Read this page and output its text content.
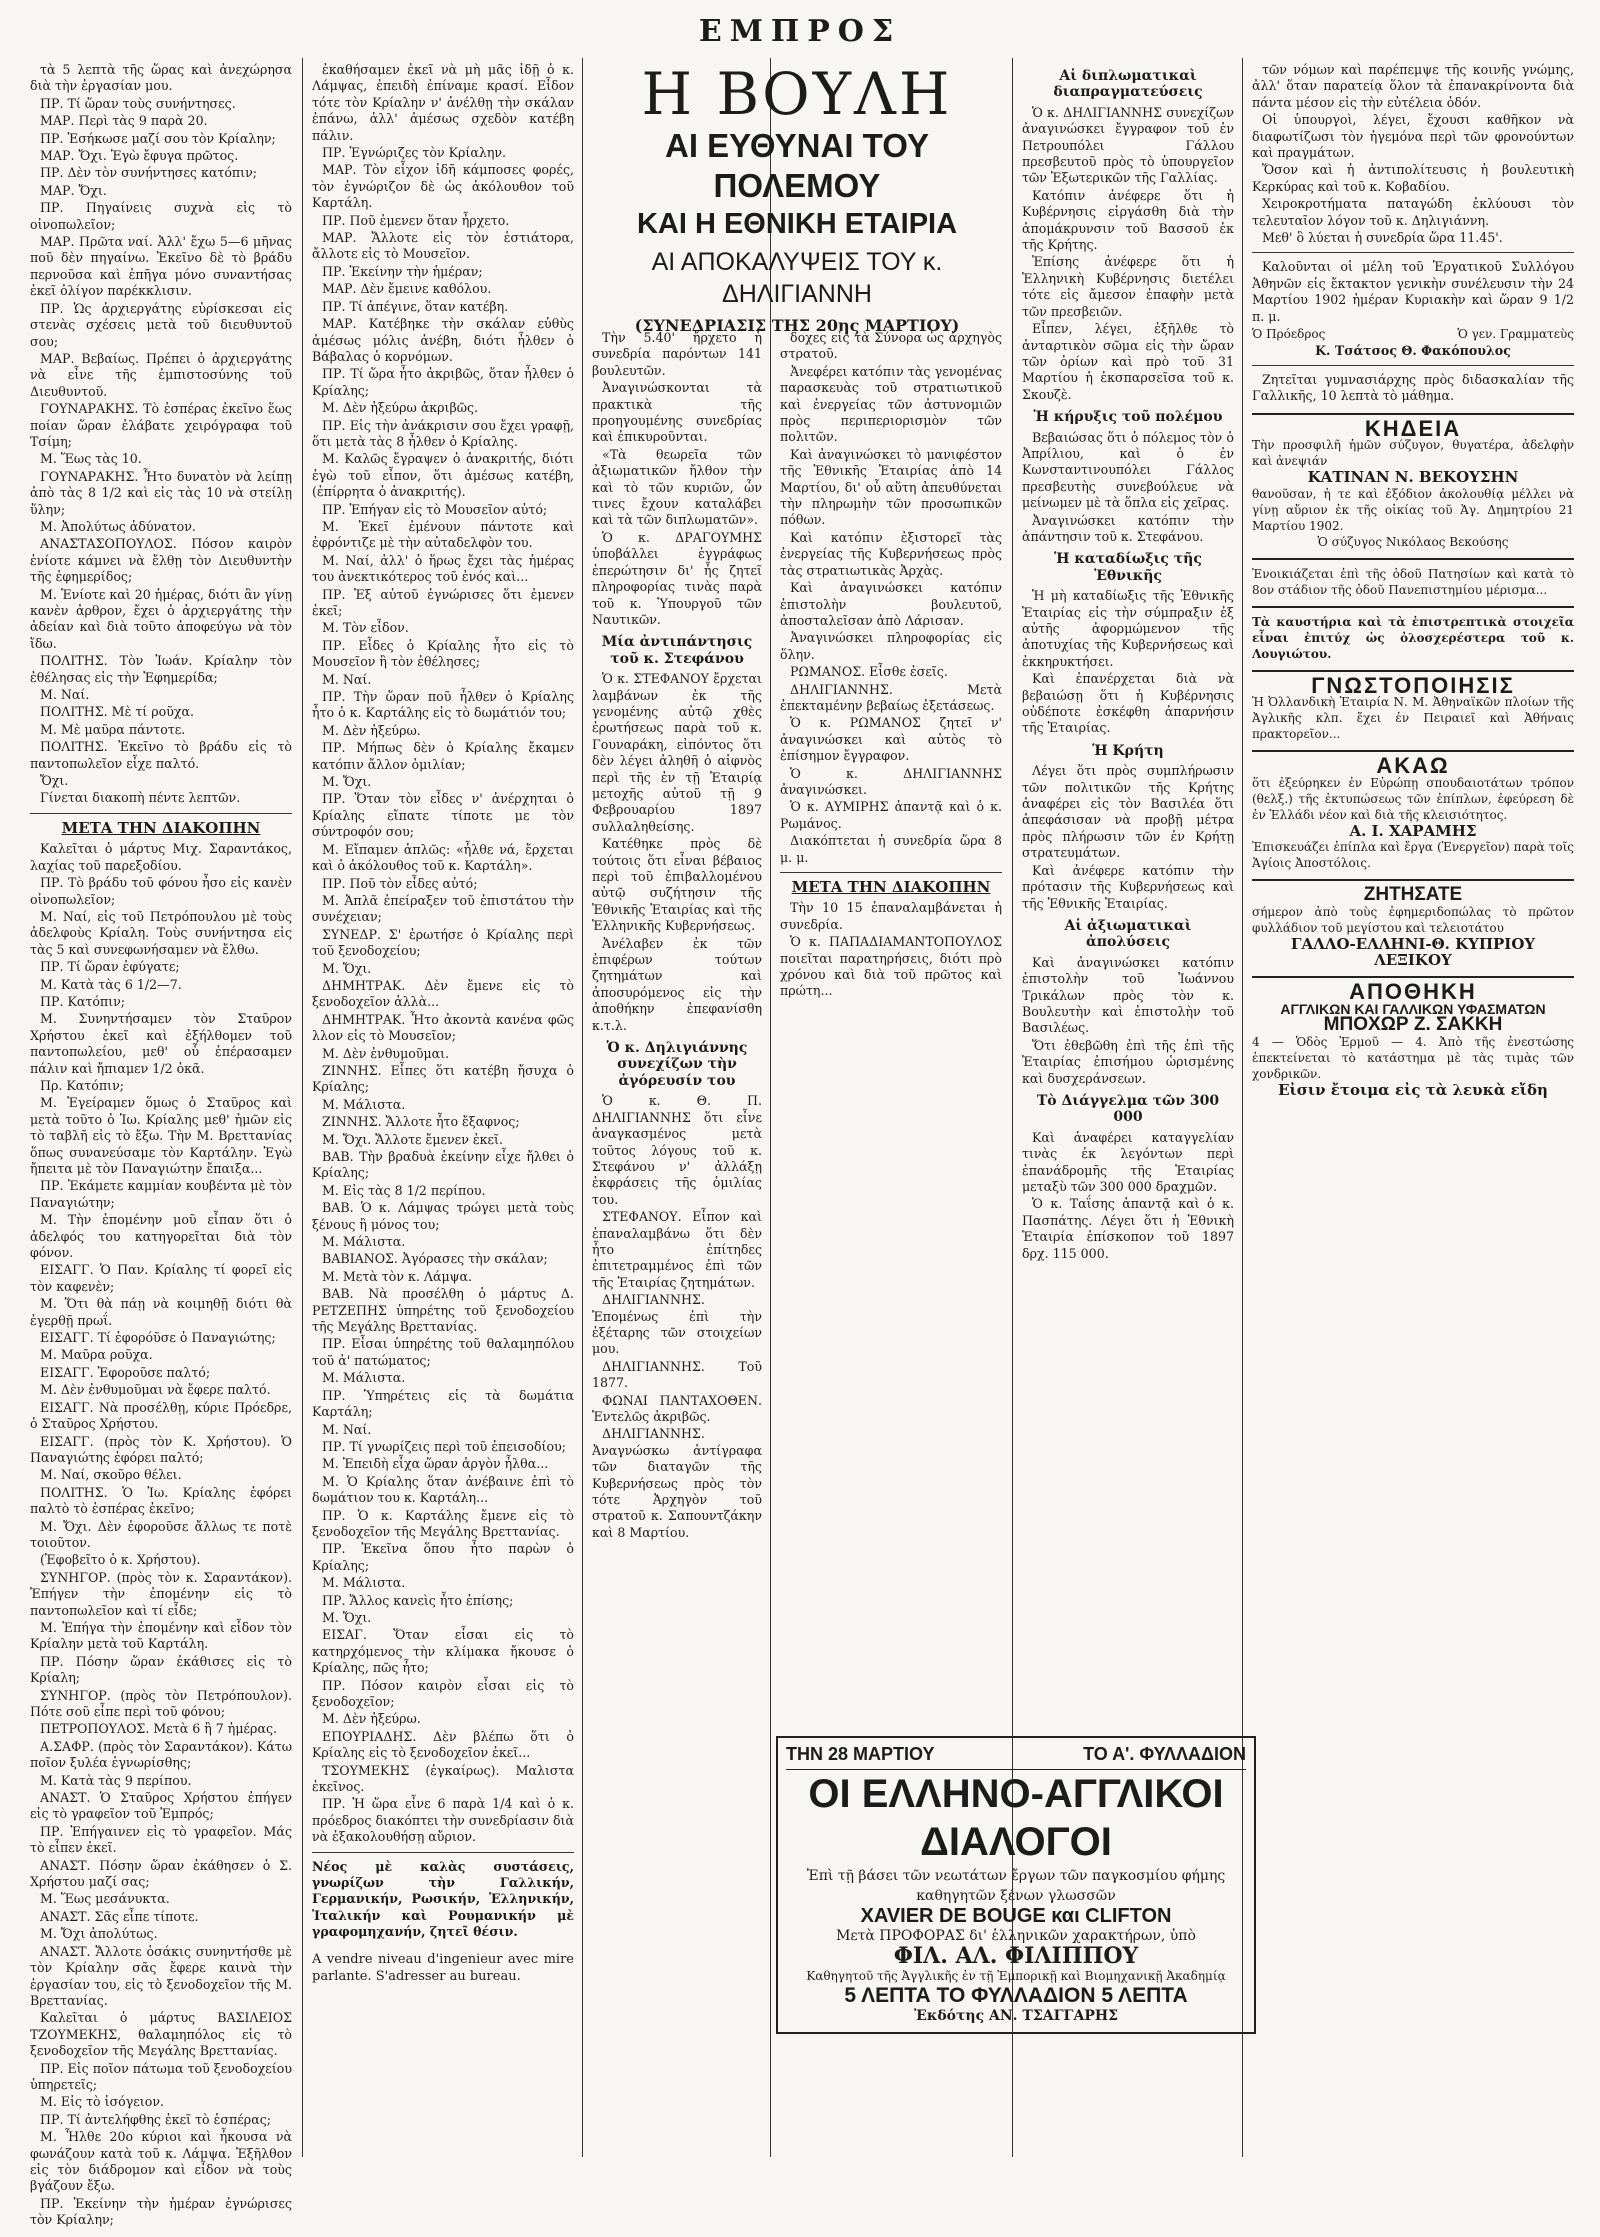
ΕΜΠΡΟΣ

τὰ 5 λεπτὰ τῆς ὥρας καὶ ἀνεχώρησα διὰ τὴν ἐργασίαν μου.

ΠΡ. Τί ὥραν τοὺς συνήντησες.

ΜΑΡ. Περὶ τὰς 9 παρὰ 20.

ΠΡ. Ἐσήκωσε μαζί σου τὸν Κρίαλην;

ΜΑΡ. Ὄχι. Ἐγὼ ἔφυγα πρῶτος.

ΠΡ. Δὲν τὸν συνήντησες κατόπιν;

ΜΑΡ. Ὄχι.

ΠΡ. Πηγαίνεις συχνὰ εἰς τὸ οἰνοπωλεῖον;

ΜΑΡ. Πρῶτα ναί. Ἀλλ' ἔχω 5—6 μῆνας ποῦ δὲν πηγαίνω. Ἐκεῖνο δὲ τὸ βράδυ περνοῦσα καὶ ἐπῆγα μόνο συναντήσας ἐκεῖ ὀλίγον παρέκκλισιν.

ΠΡ. Ὡς ἀρχιεργάτης εὑρίσκεσαι εἰς στενὰς σχέσεις μετὰ τοῦ διευθυντοῦ σου;

ΜΑΡ. Βεβαίως. Πρέπει ὁ ἀρχιεργάτης νὰ εἶνε τῆς ἐμπιστοσύνης τοῦ Διευθυντοῦ.

ΓΟΥΝΑΡΑΚΗΣ. Τὸ ἑσπέρας ἐκεῖνο ἕως ποίαν ὥραν ἐλάβατε χειρόγραφα τοῦ Τσίμη;

Μ. Ἕως τὰς 10.

ΓΟΥΝΑΡΑΚΗΣ. Ἦτο δυνατὸν νὰ λείπῃ ἀπὸ τὰς 8 1/2 καὶ εἰς τὰς 10 νὰ στείλῃ ὕλην;

Μ. Ἀπολύτως ἀδύνατον.

ΑΝΑΣΤΑΣΟΠΟΥΛΟΣ. Πόσον καιρὸν ἐνίοτε κάμνει νὰ ἔλθῃ τὸν Διευθυντὴν τῆς ἐφημερίδος;

Μ. Ἐνίοτε καὶ 20 ἡμέρας, διότι ἂν γίνῃ κανὲν ἀρθρον, ἔχει ὁ ἀρχιεργάτης τὴν ἀδείαν καὶ διὰ τοῦτο ἀποφεύγω νὰ τὸν ἴδω.

ΠΟΛΙΤΗΣ. Τὸν Ἰωάν. Κρίαλην τὸν ἐθέλησας εἰς τὴν Ἐφημερίδα;

Μ. Ναί.

ΠΟΛΙΤΗΣ. Μὲ τί ροῦχα.

Μ. Μὲ μαῦρα πάντοτε.

ΠΟΛΙΤΗΣ. Ἐκεῖνο τὸ βράδυ εἰς τὸ παντοπωλεῖον εἶχε παλτό.

Ὄχι.

Γίνεται διακοπὴ πέντε λεπτῶν.

ΜΕΤΑ ΤΗΝ ΔΙΑΚΟΠΗΝ

Καλεῖται ὁ μάρτυς Μιχ. Σαραντάκος, λαχίας τοῦ παρεξοδίου.

ΠΡ. Τὸ βράδυ τοῦ φόνου ἦσο εἰς κανὲν οἰνοπωλεῖον;

Μ. Ναί, εἰς τοῦ Πετρόπουλου μὲ τοὺς ἀδελφοὺς Κρίαλη. Τοὺς συνήντησα εἰς τὰς 5 καὶ συνεφωνήσαμεν νὰ ἔλθω.

ΠΡ. Τί ὥραν ἐφύγατε;

Μ. Κατὰ τὰς 6 1/2—7.

ΠΡ. Κατόπιν;

Μ. Συνηντήσαμεν τὸν Σταῦρον Χρήστου ἐκεῖ καὶ ἐξήλθομεν τοῦ παντοπωλείου, μεθ' οὗ ἐπέρασαμεν πάλιν καὶ ἤπιαμεν 1/2 ὀκᾶ.

Πρ. Κατόπιν;

Μ. Ἐγείραμεν ὅμως ὁ Σταῦρος καὶ μετὰ τοῦτο ὁ Ἰω. Κρίαλης μεθ' ἡμῶν εἰς τὸ ταβλῆ εἰς τὸ ἔξω. Τὴν Μ. Βρεττανίας ὅπως συνανεύσαμε τὸν Καρτάλην. Ἐγὼ ἤπειτα μὲ τὸν Παναγιώτην ἔπαιξα...

ΠΡ. Ἐκάμετε καμμίαν κουβέντα μὲ τὸν Παναγιώτην;

Μ. Τὴν ἐπομένην μοῦ εἶπαν ὅτι ὁ ἀδελφός του κατηγορεῖται διὰ τὸν φόνον.

ΕΙΣΑΓΓ. Ὁ Παν. Κρίαλης τί φορεῖ εἰς τὸν καφενὲν;

Μ. Ὅτι θὰ πάῃ νὰ κοιμηθῇ διότι θὰ ἐγερθῇ πρωΐ.

ΕΙΣΑΓΓ. Τί ἐφορόῦσε ὁ Παναγιώτης;

Μ. Μαῦρα ροῦχα.

ΕΙΣΑΓΓ. Ἐφοροῦσε παλτό;

Μ. Δὲν ἐνθυμοῦμαι νὰ ἔφερε παλτό.

ΕΙΣΑΓΓ. Νὰ προσέλθῃ, κύριε Πρόεδρε, ὁ Σταῦρος Χρήστου.

ΕΙΣΑΓΓ. (πρὸς τὸν Κ. Χρήστου). Ὁ Παναγιώτης ἐφόρει παλτό;

Μ. Ναί, σκοῦρο θέλει.

ΠΟΛΙΤΗΣ. Ὁ Ἰω. Κρίαλης ἐφόρει παλτὸ τὸ ἑσπέρας ἐκεῖνο;

Μ. Ὄχι. Δὲν ἐφοροῦσε ἄλλως τε ποτὲ τοιοῦτον.

(Ἐφοβεῖτο ὁ κ. Χρήστου).

ΣΥΝΗΓΟΡ. (πρὸς τὸν κ. Σαραντάκον). Ἐπήγεν τὴν ἐπομένην εἰς τὸ παντοπωλεῖον καὶ τί εἶδε;

Μ. Ἐπήγα τὴν ἐπομένην καὶ εἶδον τὸν Κρίαλην μετὰ τοῦ Καρτάλη.

ΠΡ. Πόσην ὥραν ἐκάθισες εἰς τὸ Κρίαλη;

ΣΥΝΗΓΟΡ. (πρὸς τὸν Πετρόπουλον). Πότε σοῦ εἶπε περὶ τοῦ φόνου;

ΠΕΤΡΟΠΟΥΛΟΣ. Μετὰ 6 ἢ 7 ἡμέρας.

Α.ΣΑΦΡ. (πρὸς τὸν Σαραντάκον). Κάτω ποῖον ξυλέα ἐγνωρίσθης;

Μ. Κατὰ τὰς 9 περίπου.

ΑΝΑΣΤ. Ὁ Σταῦρος Χρήστου ἐπήγεν εἰς τὸ γραφεῖον τοῦ Ἐμπρός;

ΠΡ. Ἐπήγαινεν εἰς τὸ γραφεῖον. Μάς τὸ εἶπεν ἐκεῖ.

ΑΝΑΣΤ. Πόσην ὥραν ἐκάθησεν ὁ Σ. Χρήστου μαζί σας;

Μ. Ἕως μεσάνυκτα.

ΑΝΑΣΤ. Σᾶς εἶπε τίποτε.

Μ. Ὄχι ἀπολύτως.

ΑΝΑΣΤ. Ἄλλοτε ὁσάκις συνηντήσθε μὲ τὸν Κρίαλην σᾶς ἔφερε καινὰ τὴν ἐργασίαν του, εἰς τὸ ξενοδοχεῖον τῆς Μ. Βρεττανίας.

Καλεῖται ὁ μάρτυς ΒΑΣΙΛΕΙΟΣ ΤΖΟΥΜΕΚΗΣ, θαλαμηπόλος εἰς τὸ ξενοδοχεῖον τῆς Μεγάλης Βρεττανίας.

ΠΡ. Εἰς ποῖον πάτωμα τοῦ ξενοδοχείου ὑπηρετεῖς;

Μ. Εἰς τὸ ἰσόγειον.

ΠΡ. Τί ἀντελήφθης ἐκεῖ τὸ ἑσπέρας;

Μ. Ἦλθε 20ο κύριοι καὶ ἦκουσα νὰ φωνάζουν κατὰ τοῦ κ. Λάμψα. Ἐξῆλθον εἰς τὸν διάδρομον καὶ εἶδον νὰ τοὺς βγάζουν ἔξω.

ΠΡ. Ἐκείνην τὴν ἡμέραν ἐγνώρισες τὸν Κρίαλην;

ἐκαθήσαμεν ἐκεῖ νὰ μὴ μᾶς ἰδῇ ὁ κ. Λάμψας, ἐπειδὴ ἐπίναμε κρασί. Εἶδον τότε τὸν Κρίαλην ν' ἀνέλθῃ τὴν σκάλαν ἐπάνω, ἀλλ' ἀμέσως σχεδὸν κατέβη πάλιν.

ΠΡ. Ἐγνώριζες τὸν Κρίαλην.

ΜΑΡ. Τὸν εἶχον ἰδῆ κάμποσες φορές, τὸν ἐγνώριζον δὲ ὡς ἀκόλουθον τοῦ Καρτάλη.

ΠΡ. Ποῦ ἐμενεν ὅταν ἦρχετο.

ΜΑΡ. Ἄλλοτε εἰς τὸν ἑστιάτορα, ἄλλοτε εἰς τὸ Μουσεῖον.

ΠΡ. Ἐκείνην τὴν ἡμέραν;

ΜΑΡ. Δὲν ἔμεινε καθόλου.

ΠΡ. Τί ἀπέγινε, ὅταν κατέβη.

ΜΑΡ. Κατέβηκε τὴν σκάλαν εὐθὺς ἀμέσως μόλις ἀνέβη, διότι ἦλθεν ὁ Βάβαλας ὁ κορνόμων.

ΠΡ. Τί ὥρα ἦτο ἀκριβῶς, ὅταν ἦλθεν ὁ Κρίαλης;

Μ. Δὲν ἠξεύρω ἀκριβῶς.

ΠΡ. Εἰς τὴν ἀνάκρισιν σου ἔχει γραφῇ, ὅτι μετὰ τὰς 8 ἦλθεν ὁ Κρίαλης.

Μ. Καλῶς ἔγραψεν ὁ ἀνακριτής, διότι ἐγὼ τοῦ εἶπον, ὅτι ἀμέσως κατέβη, (ἐπίρρητα ὁ ἀνακριτής).

ΠΡ. Ἐπήγαν εἰς τὸ Μουσεῖον αὐτό;

Μ. Ἐκεῖ ἐμένουν πάντοτε καὶ ἐφρόντιζε μὲ τὴν αὐταδελφὸν του.

Μ. Ναί, ἀλλ' ὁ ἥρως ἔχει τὰς ἡμέρας του ἀνεκτικότερος τοῦ ἐνός καὶ...

ΠΡ. Ἐξ αὐτοῦ ἐγνώρισες ὅτι ἐμενεν ἐκεῖ;

Μ. Τὸν εἶδον.

ΠΡ. Εἶδες ὁ Κρίαλης ἦτο εἰς τὸ Μουσεῖον ἢ τὸν ἐθέλησες;

Μ. Ναί.

ΠΡ. Τὴν ὥραν ποῦ ἦλθεν ὁ Κρίαλης ἦτο ὁ κ. Καρτάλης εἰς τὸ δωμάτιόν του;

Μ. Δὲν ἠξεύρω.

ΠΡ. Μήπως δὲν ὁ Κρίαλης ἔκαμεν κατόπιν ἄλλον ὁμιλίαν;

Μ. Ὄχι.

ΠΡ. Ὅταν τὸν εἶδες ν' ἀνέρχηται ὁ Κρίαλης εἴπατε τίποτε με τὸν σύντροφόν σου;

Μ. Εἴπαμεν ἁπλῶς: «ἦλθε νά, ἔρχεται καὶ ὁ ἀκόλουθος τοῦ κ. Καρτάλη».

ΠΡ. Ποῦ τὸν εἶδες αὐτό;

Μ. Ἀπλᾶ ἐπείραξεν τοῦ ἐπιστάτου τὴν συνέχειαν;

ΣΥΝΕΔΡ. Σ' ἐρωτήσε ὁ Κρίαλης περὶ τοῦ ξενοδοχείου;

Μ. Ὄχι.

ΔΗΜΗΤΡΑΚ. Δὲν ἔμενε εἰς τὸ ξενοδοχεῖον ἀλλὰ...

ΔΗΜΗΤΡΑΚ. Ἦτο ἀκοντὰ κανένα φῶς λλον εἰς τὸ Μουσεῖον;

Μ. Δὲν ἐνθυμοῦμαι.

ΖΙΝΝΗΣ. Εἶπες ὅτι κατέβη ἤσυχα ὁ Κρίαλης;

Μ. Μάλιστα.

ΖΙΝΝΗΣ. Ἄλλοτε ἦτο ἔξαφνος;

Μ. Ὄχι. Ἄλλοτε ἔμενεν ἐκεῖ.

ΒΑΒ. Τὴν βραδυὰ ἐκείνην εἶχε ἤλθει ὁ Κρίαλης;

Μ. Εἰς τὰς 8 1/2 περίπου.

ΒΑΒ. Ὁ κ. Λάμψας τρώγει μετὰ τοὺς ξένους ἢ μόνος του;

Μ. Μάλιστα.

ΒΑΒΙΑΝΟΣ. Ἀγόρασες τὴν σκάλαν;

Μ. Μετὰ τὸν κ. Λάμψα.

ΒΑΒ. Νὰ προσέλθη ὁ μάρτυς Δ. ΡΕΤΖΕΠΗΣ ὑπηρέτης τοῦ ξενοδοχείου τῆς Μεγάλης Βρεττανίας.

ΠΡ. Εἶσαι ὑπηρέτης τοῦ θαλαμηπόλου τοῦ ἀ' πατώματος;

Μ. Μάλιστα.

ΠΡ. Ὑπηρέτεις εἰς τὰ δωμάτια Καρτάλη;

Μ. Ναί.

ΠΡ. Τί γνωρίζεις περὶ τοῦ ἐπεισοδίου;

Μ. Ἐπειδὴ εἶχα ὥραν ἀργὸν ἦλθα...

Μ. Ὁ Κρίαλης ὅταν ἀνέβαινε ἐπὶ τὸ δωμάτιον του κ. Καρτάλη...

ΠΡ. Ὁ κ. Καρτάλης ἔμενε εἰς τὸ ξενοδοχεῖον τῆς Μεγάλης Βρεττανίας.

ΠΡ. Ἐκεῖνα ὅπου ἦτο παρὼν ὁ Κρίαλης;

Μ. Μάλιστα.

ΠΡ. Ἄλλος κανεὶς ἦτο ἐπίσης;

Μ. Ὄχι.

ΕΙΣΑΓ. Ὅταν εἶσαι εἰς τὸ κατηρχόμενος τὴν κλίμακα ἤκουσε ὁ Κρίαλης, πῶς ἦτο;

ΠΡ. Πόσον καιρὸν εἶσαι εἰς τὸ ξενοδοχεῖον;

Μ. Δὲν ἠξεύρω.

ΕΠΟΥΡΙΑΔΗΣ. Δὲν βλέπω ὅτι ὁ Κρίαλης εἰς τὸ ξενοδοχεῖον ἐκεῖ...

ΤΣΟΥΜΕΚΗΣ (ἐγκαίρως). Μαλιστα ἐκεῖνος.

ΠΡ. Ἡ ὥρα εἶνε 6 παρὰ 1/4 καὶ ὁ κ. πρόεδρος διακόπτει τὴν συνεδρίασιν διὰ νὰ ἐξακολουθήσῃ αὔριον.

Νέος μὲ καλὰς συστάσεις, γνωρίζων τὴν Γαλλικήν, Γερμανικήν, Ρωσικήν, Ἑλληνικήν, Ἰταλικήν καὶ Ρουμανικήν μὲ γραφομηχανήν, ζητεῖ θέσιν.

A vendre niveau d'ingenieur avec mire parlante. S'adresser au bureau.
Η ΒΟΥΛΗ
ΑΙ ΕΥΘΥΝΑΙ ΤΟΥ ΠΟΛΕΜΟΥ
ΚΑΙ Η ΕΘΝΙΚΗ ΕΤΑΙΡΙΑ
ΑΙ ΑΠΟΚΑΛΥΨΕΙΣ ΤΟΥ κ. ΔΗΛΙΓΙΑΝΝΗ
(ΣΥΝΕΔΡΙΑΣΙΣ ΤΗΣ 20ης ΜΑΡΤΙΟΥ)

Τὴν 5.40' ἤρχετο ἡ συνεδρία παρόντων 141 βουλευτῶν.

Ἀναγινώσκονται τὰ πρακτικὰ τῆς προηγουμένης συνεδρίας καὶ ἐπικυροῦνται.

«Τὰ θεωρεῖα τῶν ἀξιωματικῶν ἤλθον τὴν καὶ τὸ τῶν κυριῶν, ὧν τινες ἔχουν καταλάβει καὶ τὰ τῶν διπλωματῶν».

Ὁ κ. ΔΡΑΓΟΥΜΗΣ ὑποβάλλει ἐγγράφως ἐπερώτησιν δι' ἧς ζητεῖ πληροφορίας τινὰς παρὰ τοῦ κ. Ὑπουργοῦ τῶν Ναυτικῶν.

Μία ἀντιπάντησις τοῦ κ. Στεφάνου

Ὁ κ. ΣΤΕΦΑΝΟΥ ἔρχεται λαμβάνων ἐκ τῆς γενομένης αὐτῷ χθὲς ἐρωτήσεως παρὰ τοῦ κ. Γουναράκη, εἰπόντος ὅτι δὲν λέγει ἀληθῆ ὁ αἰφνὸς περὶ τῆς ἐν τῇ Ἐταιρίᾳ μετοχῆς αὐτοῦ τῇ 9 Φεβρουαρίου 1897 συλλαληθείσης.

Κατέθηκε πρὸς δὲ τούτοις ὅτι εἶναι βέβαιος περὶ τοῦ ἐπιβαλλομένου αὐτῷ συζήτησιν τῆς Ἐθνικῆς Ἐταιρίας καὶ τῆς Ἑλληνικῆς Κυβερνήσεως.

Ἀνέλαβεν ἐκ τῶν ἐπιφέρων τούτων ζητημάτων καὶ ἀποσυρόμενος εἰς τὴν ἀποθήκην ἐπεφανίσθη κ.τ.λ.

Ὁ κ. Δηλιγιάννης συνεχίζων τὴν ἀγόρευσίν του

Ὁ κ. Θ. Π. ΔΗΛΙΓΙΑΝΝΗΣ ὅτι εἶνε ἀναγκασμένος μετὰ τοῦτος λόγους τοῦ κ. Στεφάνου ν' ἀλλάξῃ ἐκφράσεις τῆς ὁμιλίας του.

ΣΤΕΦΑΝΟΥ. Εἶπον καὶ ἐπαναλαμβάνω ὅτι δὲν ἦτο ἐπίτηδες ἐπιτετραμμένος ἐπὶ τῶν τῆς Ἑταιρίας ζητημάτων.

ΔΗΛΙΓΙΑΝΝΗΣ. Ἐπομένως ἐπὶ τὴν ἐξέταρης τῶν στοιχείων μου.

ΔΗΛΙΓΙΑΝΝΗΣ. Τοῦ 1877.

ΦΩΝΑΙ ΠΑΝΤΑΧΟΘΕΝ. Ἐντελῶς ἀκριβῶς.

ΔΗΛΙΓΙΑΝΝΗΣ. Ἀναγνώσκω ἀντίγραφα τῶν διαταγῶν τῆς Κυβερνήσεως πρὸς τὸν τότε Ἀρχηγὸν τοῦ στρατοῦ κ. Σαπουντζάκην καὶ 8 Μαρτίου.

δοχες εἰς τὰ Σύνορα ὡς ἀρχηγὸς στρατοῦ.

Ἀνεφέρει κατόπιν τὰς γενομένας παρασκευὰς τοῦ στρατιωτικοῦ καὶ ἐνεργείας τῶν ἀστυνομιῶν πρὸς περιπεριορισμὸν τῶν πολιτῶν.

Καὶ ἀναγινώσκει τὸ μανιφέστον τῆς Ἐθνικῆς Ἑταιρίας ἀπὸ 14 Μαρτίου, δι' οὗ αὕτη ἀπευθύνεται τὴν πληρωμὴν τῶν προσωπικῶν πόθων.

Καὶ κατόπιν ἐξιστορεῖ τὰς ἐνεργείας τῆς Κυβερνήσεως πρὸς τὰς στρατιωτικὰς Ἀρχὰς.

Καὶ ἀναγινώσκει κατόπιν ἐπιστολὴν βουλευτοῦ, ἀποσταλεῖσαν ἀπὸ Λάρισαν.

Ἀναγινώσκει πληροφορίας εἰς ὅλην.

ΡΩΜΑΝΟΣ. Εἶσθε ἐσεῖς.

ΔΗΛΙΓΙΑΝΝΗΣ. Μετὰ ἐπεκταμένην βεβαίως ἐξετάσεως.

Ὁ κ. ΡΩΜΑΝΟΣ ζητεῖ ν' ἀναγινώσκει καὶ αὐτὸς τὸ ἐπίσημον ἔγγραφον.

Ὁ κ. ΔΗΛΙΓΙΑΝΝΗΣ ἀναγινώσκει.

Ὁ κ. ΑΥΜΙΡΗΣ ἀπαντᾷ καὶ ὁ κ. Ρωμάνος.

Διακόπτεται ἡ συνεδρία ὥρα 8 μ. μ.

ΜΕΤΑ ΤΗΝ ΔΙΑΚΟΠΗΝ

Τὴν 10 15 ἐπαναλαμβάνεται ἡ συνεδρία.

Ὁ κ. ΠΑΠΑΔΙΑΜΑΝΤΟΠΟΥΛΟΣ ποιεῖται παρατηρήσεις, διότι πρὸ χρόνου καὶ διὰ τοῦ πρῶτος καὶ πρώτη...

Αἱ διπλωματικαὶ διαπραγματεύσεις

Ὁ κ. ΔΗΛΙΓΙΑΝΝΗΣ συνεχίζων ἀναγινώσκει ἔγγραφον τοῦ ἐν Πετρουπόλει Γάλλου πρεσβευτοῦ πρὸς τὸ ὑπουργεῖον τῶν Ἐξωτερικῶν τῆς Γαλλίας.

Κατόπιν ἀνέφερε ὅτι ἡ Κυβέρνησις εἰργάσθη διὰ τὴν ἀπομάκρυνσιν τοῦ Βασσοῦ ἐκ τῆς Κρήτης.

Ἐπίσης ἀνέφερε ὅτι ἡ Ἑλληνικὴ Κυβέρνησις διετέλει τότε εἰς ἄμεσον ἐπαφὴν μετὰ τῶν πρεσβειῶν.

Εἶπεν, λέγει, ἐξῆλθε τὸ ἀνταρτικὸν σῶμα εἰς τὴν ὥραν τῶν ὁρίων καὶ πρὸ τοῦ 31 Μαρτίου ἡ ἐκσπαρσεῖσα τοῦ κ. Σκουζὲ.

Ἡ κήρυξις τοῦ πολέμου

Βεβαιώσας ὅτι ὁ πόλεμος τὸν ὁ Ἀπρίλιου, καὶ ὁ ἐν Κωνσταντινουπόλει Γάλλος πρεσβευτὴς συνεβούλευε νὰ μείνωμεν μὲ τὰ ὅπλα εἰς χεῖρας.

Ἀναγινώσκει κατόπιν τὴν ἀπάντησιν τοῦ κ. Στεφάνου.

Ἡ καταδίωξις τῆς Ἐθνικῆς

Ἡ μὴ καταδίωξις τῆς Ἐθνικῆς Ἑταιρίας εἰς τὴν σύμπραξιν ἐξ αὐτῆς ἀφορμώμενον τῆς ἀποτυχίας τῆς Κυβερνήσεως καὶ ἐκκηρυκτήσει.

Καὶ ἐπανέρχεται διὰ νὰ βεβαιώσῃ ὅτι ἡ Κυβέρνησις οὐδέποτε ἐσκέφθη ἀπαρνήσιν τῆς Ἑταιρίας.

Ἡ Κρήτη

Λέγει ὅτι πρὸς συμπλήρωσιν τῶν πολιτικῶν τῆς Κρήτης ἀναφέρει εἰς τὸν Βασιλέα ὅτι ἀπεφάσισαν νὰ προβῇ μέτρα πρὸς πλήρωσιν τῶν ἐν Κρήτῃ στρατευμάτων.

Καὶ ἀνέφερε κατόπιν τὴν πρότασιν τῆς Κυβερνήσεως καὶ τῆς Ἐθνικῆς Ἑταιρίας.

Αἱ ἀξιωματικαὶ ἀπολύσεις

Καὶ ἀναγινώσκει κατόπιν ἐπιστολὴν τοῦ Ἱωάννου Τρικάλων πρὸς τὸν κ. Βουλευτὴν καὶ ἐπιστολὴν τοῦ Βασιλέως.

Ὅτι ἐθεβῶθη ἐπὶ τῆς ἐπὶ τῆς Ἑταιρίας ἐπισήμου ὡρισμένης καὶ δυσχεράνσεων.

Τὸ Διάγγελμα τῶν 300 000

Καὶ ἀναφέρει καταγγελίαν τινὰς ἐκ λεγόντων περὶ ἐπανάδρομῆς τῆς Ἑταιρίας μεταξὺ τῶν 300 000 δραχμῶν.

Ὁ κ. Ταΐσης ἀπαντᾷ καὶ ὁ κ. Πασπάτης. Λέγει ὅτι ἡ Ἐθνικὴ Ἑταιρία ἐπίσκοπον τοῦ 1897 δρχ. 115 000.

ΤΗΝ 28 ΜΑΡΤΙΟΥ	ΤΟ Α'. ΦΥΛΛΑΔΙΟΝ
ΟΙ ΕΛΛΗΝΟ-ΑΓΓΛΙΚΟΙ ΔΙΑΛΟΓΟΙ
Ἐπὶ τῇ βάσει τῶν νεωτάτων ἔργων τῶν παγκοσμίου φήμης καθηγητῶν ξένων γλωσσῶν
XAVIER DE BOUGE και CLIFTON
Μετὰ ΠΡΟΦΟΡΑΣ δι' ἑλληνικῶν χαρακτήρων, ὑπὸ
ΦΙΛ. ΑΛ. ΦΙΛΙΠΠΟΥ
Καθηγητοῦ τῆς Ἀγγλικῆς ἐν τῇ Ἐμπορικῇ καὶ Βιομηχανικῇ Ἀκαδημίᾳ
5 ΛΕΠΤΑ ΤΟ ΦΥΛΛΑΔΙΟΝ 5 ΛΕΠΤΑ
Ἐκδότης ΑΝ. ΤΣΑΓΓΑΡΗΣ

τῶν νόμων καὶ παρέπεμψε τῆς κοινῆς γνώμης, ἀλλ' ὅταν παρατείᾳ ὅλον τὰ ἐπανακρίνοντα διὰ πάντα μέσον εἰς τὴν εὐτέλεια ὁδόν.

Οἱ ὑπουργοὶ, λέγει, ἔχουσι καθῆκον νὰ διαφωτίζωσι τὸν ἡγεμόνα περὶ τῶν φρονούντων καὶ πραγμάτων.

Ὅσον καὶ ἡ ἀντιπολίτευσις ἡ βουλευτικὴ Κερκύρας καὶ τοῦ κ. Κοβαδίου.

Χειροκροτήματα παταγώδη ἐκλύουσι τὸν τελευταῖον λόγον τοῦ κ. Δηλιγιάννη.

Μεθ' ὃ λύεται ἡ συνεδρία ὥρα 11.45'.

Καλοῦνται οἱ μέλη τοῦ Ἑργατικοῦ Συλλόγου Ἀθηνῶν εἰς ἔκτακτον γενικὴν συνέλευσιν τὴν 24 Μαρτίου 1902 ἡμέραν Κυριακὴν καὶ ὥραν 9 1/2 π. μ.

Ὁ Πρόεδρος	Ὁ γεν. Γραμματεὺς
Κ. Τσάτσος Θ. Φακόπουλος

Ζητεῖται γυμνασιάρχης πρὸς διδασκαλίαν τῆς Γαλλικῆς, 10 λεπτὰ τὸ μάθημα.

ΚΗΔΕΙΑ
Τὴν προσφιλῆ ἡμῶν σύζυγον, θυγατέρα, ἀδελφὴν καὶ ἀνεψιάν
ΚΑΤΙΝΑΝ Ν. ΒΕΚΟΥΣΗΝ
θανοῦσαν, ἡ τε καὶ ἐξόδιον ἀκολουθίᾳ μέλλει νὰ γίνῃ αὔριον ἐκ τῆς οἰκίας τοῦ Ἁγ. Δημητρίου 21 Μαρτίου 1902.
Ὁ σύζυγος Νικόλαος Βεκούσης
Ἐνοικιάζεται ἐπὶ τῆς ὁδοῦ Πατησίων καὶ κατὰ τὸ 8ον στάδιον τῆς ὁδοῦ Πανεπιστημίου μέρισμα...
Τὰ καυστήρια καὶ τὰ ἐπιστρεπτικὰ στοιχεῖα εἶναι ἐπιτύχ ὡς ὀλοσχερέστερα τοῦ κ. Λουγιώτου.
ΓΝΩΣΤΟΠΟΙΗΣΙΣ
Ἡ Ὀλλανδικὴ Ἐταιρία Ν. Μ. Ἀθηναϊκῶν πλοίων τῆς Ἀγλικῆς κλπ. ἔχει ἐν Πειραιεῖ καὶ Ἀθήναις πρακτορεῖον...
ΑΚΑΩ
ὅτι ἐξεύρηκεν ἐν Εὐρώπῃ σπουδαιοτάτων τρόπον (θελξ.) τῆς ἐκτυπώσεως τῶν ἐπίπλων, ἐφεύρεση δὲ ἐν Ἑλλάδι νέον καὶ διὰ τῆς κλεισιότητος.
Α. Ι. ΧΑΡΑΜΗΣ
Ἐπισκευάζει ἐπίπλα καὶ ἔργα (Ἐνεργεῖον) παρὰ τοῖς Ἁγίοις Ἀποστόλοις.
ΖΗΤΗΣΑΤΕ
σήμερον ἀπὸ τοὺς ἐφημεριδοπώλας τὸ πρῶτον φυλλάδιον τοῦ μεγίστου καὶ τελειοτάτου
ΓΑΛΛΟ-ΕΛΛΗΝΙ-Θ. ΚΥΠΡΙΟΥ ΛΕΞΙΚΟΥ
ΑΠΟΘΗΚΗ
ΑΓΓΛΙΚΩΝ ΚΑΙ ΓΑΛΛΙΚΩΝ ΥΦΑΣΜΑΤΩΝ
ΜΠΟΧΩΡ Ζ. ΣΑΚΚΗ
4 — Ὁδὸς Ἐρμοῦ — 4. Ἀπὸ τῆς ἐνεστώσης ἐπεκτείνεται τὸ κατάστημα μὲ τὰς τιμὰς τῶν χονδρικῶν.
Εἰσιν ἔτοιμα εἰς τὰ λευκὰ εἴδη
